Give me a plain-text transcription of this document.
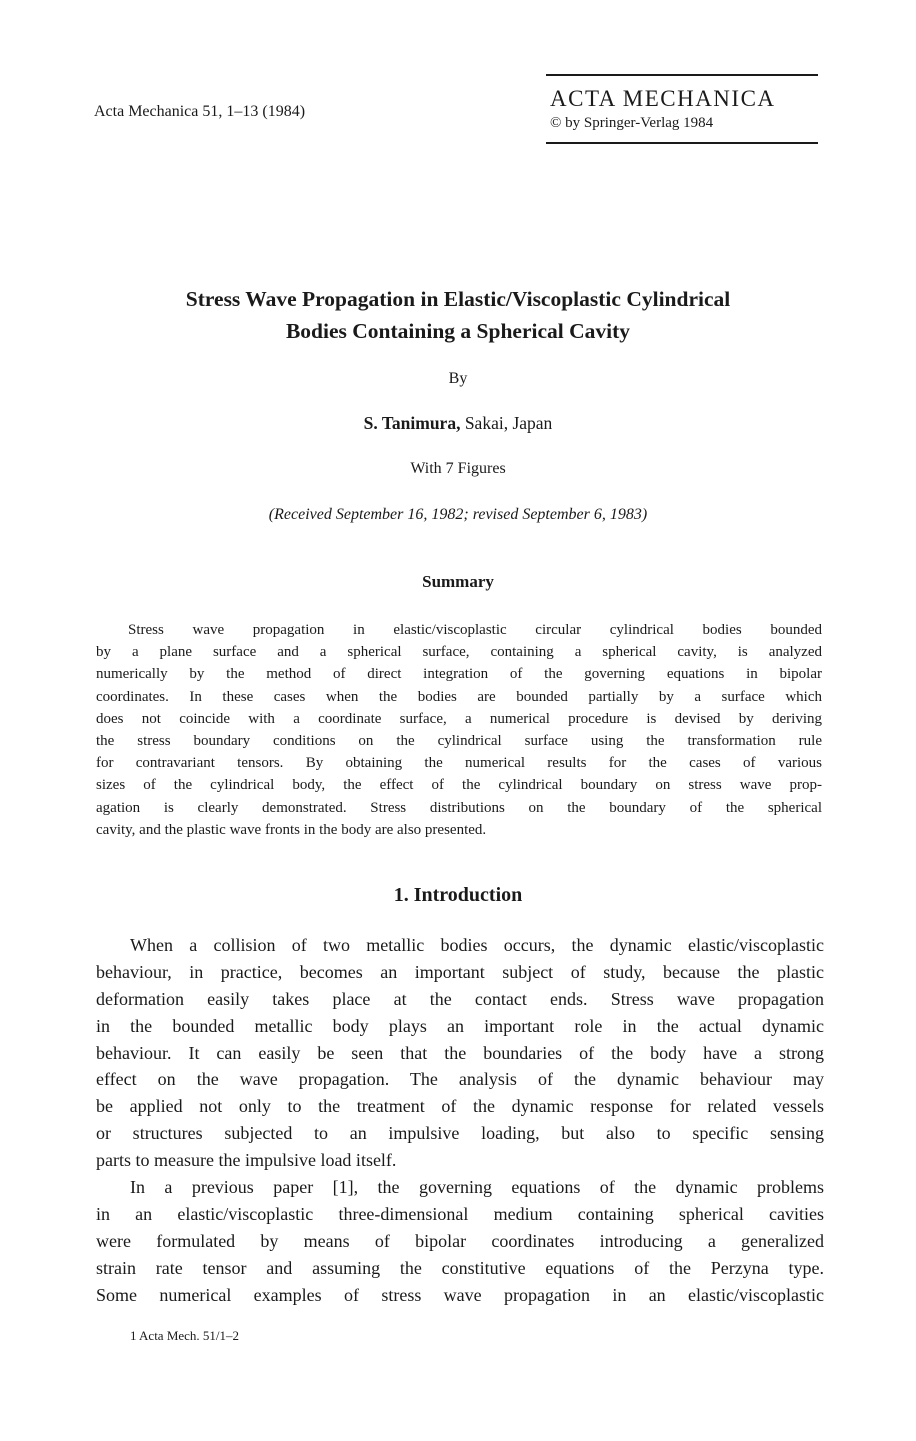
Acta Mechanica 51, 1–13 (1984)
ACTA MECHANICA
© by Springer-Verlag 1984
Stress Wave Propagation in Elastic/Viscoplastic Cylindrical
Bodies Containing a Spherical Cavity
By
S. Tanimura, Sakai, Japan
With 7 Figures
(Received September 16, 1982; revised September 6, 1983)
Summary
Stress wave propagation in elastic/viscoplastic circular cylindrical bodies bounded
by a plane surface and a spherical surface, containing a spherical cavity, is analyzed
numerically by the method of direct integration of the governing equations in bipolar
coordinates. In these cases when the bodies are bounded partially by a surface which
does not coincide with a coordinate surface, a numerical procedure is devised by deriving
the stress boundary conditions on the cylindrical surface using the transformation rule
for contravariant tensors. By obtaining the numerical results for the cases of various
sizes of the cylindrical body, the effect of the cylindrical boundary on stress wave prop-
agation is clearly demonstrated. Stress distributions on the boundary of the spherical
cavity, and the plastic wave fronts in the body are also presented.
1. Introduction
When a collision of two metallic bodies occurs, the dynamic elastic/viscoplastic
behaviour, in practice, becomes an important subject of study, because the plastic
deformation easily takes place at the contact ends. Stress wave propagation
in the bounded metallic body plays an important role in the actual dynamic
behaviour. It can easily be seen that the boundaries of the body have a strong
effect on the wave propagation. The analysis of the dynamic behaviour may
be applied not only to the treatment of the dynamic response for related vessels
or structures subjected to an impulsive loading, but also to specific sensing
parts to measure the impulsive load itself.
In a previous paper [1], the governing equations of the dynamic problems
in an elastic/viscoplastic three-dimensional medium containing spherical cavities
were formulated by means of bipolar coordinates introducing a generalized
strain rate tensor and assuming the constitutive equations of the Perzyna type.
Some numerical examples of stress wave propagation in an elastic/viscoplastic
1 Acta Mech. 51/1–2
